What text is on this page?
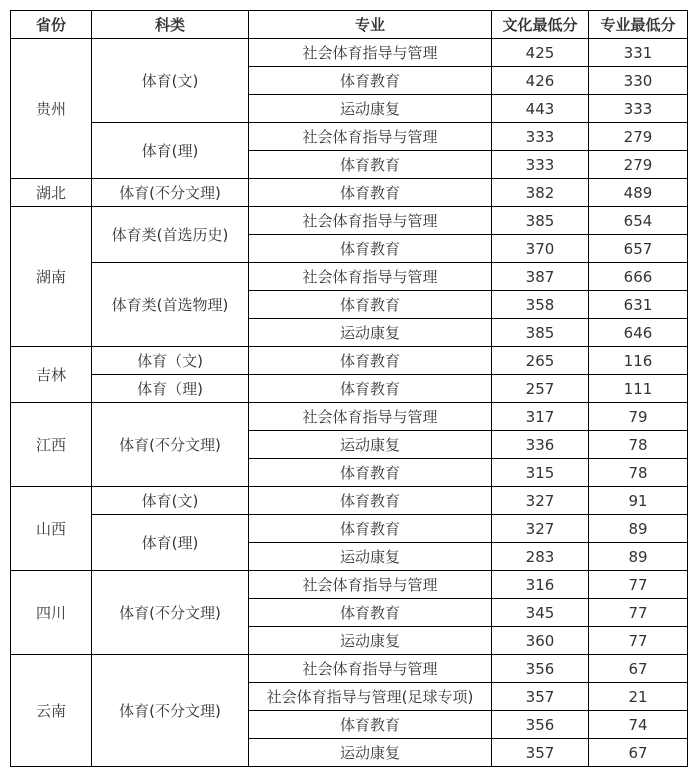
省份	科类	专业	文化最低分	专业最低分
贵州	体育(文)	社会体育指导与管理	425	331
		体育教育	426	330
		运动康复	443	333
	体育(理)	社会体育指导与管理	333	279
		体育教育	333	279
湖北	体育(不分文理)	体育教育	382	489
湖南	体育类(首选历史)	社会体育指导与管理	385	654
		体育教育	370	657
	体育类(首选物理)	社会体育指导与管理	387	666
		体育教育	358	631
		运动康复	385	646
吉林	体育（文)	体育教育	265	116
	体育（理)	体育教育	257	111
江西	体育(不分文理)	社会体育指导与管理	317	79
		运动康复	336	78
		体育教育	315	78
山西	体育(文)	体育教育	327	91
	体育(理)	体育教育	327	89
		运动康复	283	89
四川	体育(不分文理)	社会体育指导与管理	316	77
		体育教育	345	77
		运动康复	360	77
云南	体育(不分文理)	社会体育指导与管理	356	67
		社会体育指导与管理(足球专项)	357	21
		体育教育	356	74
		运动康复	357	67
